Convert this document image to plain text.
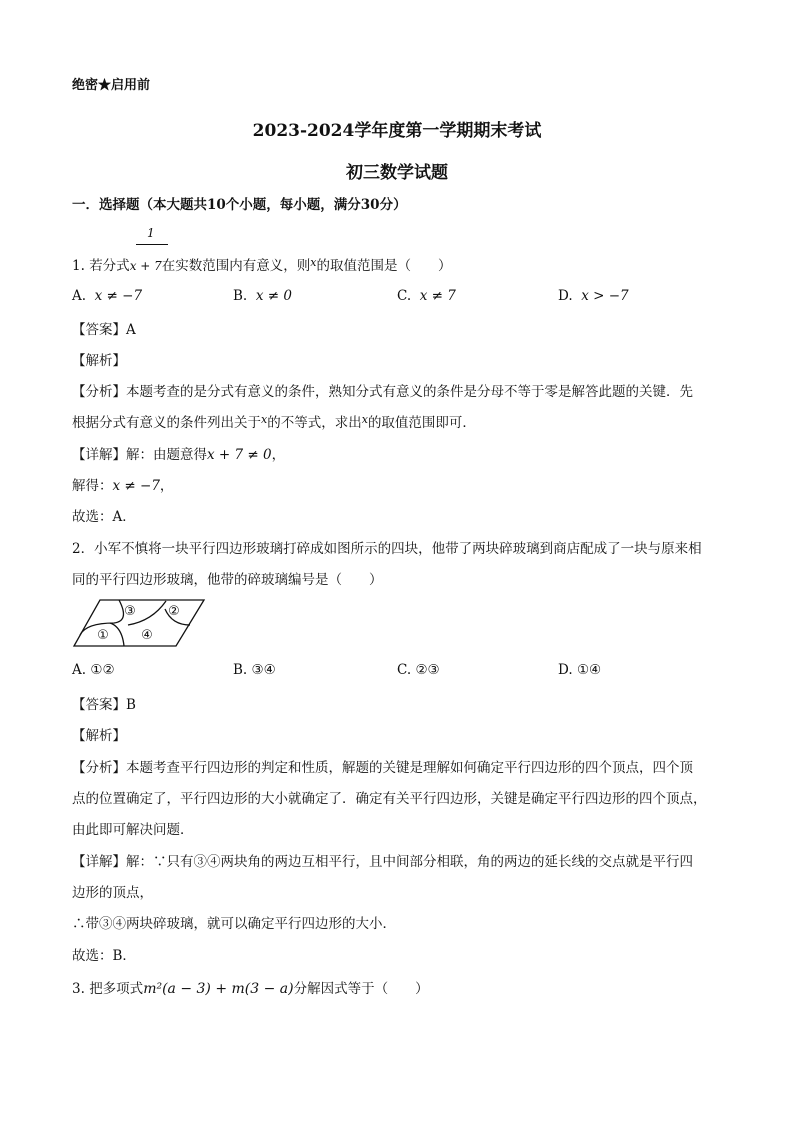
绝密★启用前
2023-2024学年度第一学期期末考试
初三数学试题
一．选择题（本大题共10个小题，每小题，满分30分）
1
1. 若分式x + 7在实数范围内有意义，则$^x$的取值范围是（　　）
A. x ≠ −7	B. x ≠ 0	C. x ≠ 7	D. x > −7
【答案】A
【解析】
【分析】本题考查的是分式有意义的条件，熟知分式有意义的条件是分母不等于零是解答此题的关键．先
根据分式有意义的条件列出关于$^x$的不等式，求出$^x$的取值范围即可．
【详解】解：由题意得x + 7 ≠ 0，
解得：x ≠ −7，
故选：A．
2．小军不慎将一块平行四边形玻璃打碎成如图所示的四块，他带了两块碎玻璃到商店配成了一块与原来相
同的平行四边形玻璃，他带的碎玻璃编号是（　　）
③ ②
① ④
A. ①②	B. ③④	C. ②③	D. ①④
【答案】B
【解析】
【分析】本题考查平行四边形的判定和性质，解题的关键是理解如何确定平行四边形的四个顶点，四个顶
点的位置确定了，平行四边形的大小就确定了．确定有关平行四边形，关键是确定平行四边形的四个顶点，
由此即可解决问题．
【详解】解：∵只有③④两块角的两边互相平行，且中间部分相联，角的两边的延长线的交点就是平行四
边形的顶点，
∴带③④两块碎玻璃，就可以确定平行四边形的大小．
故选：B．
3. 把多项式m²(a − 3) + m(3 − a)分解因式等于（　　）
